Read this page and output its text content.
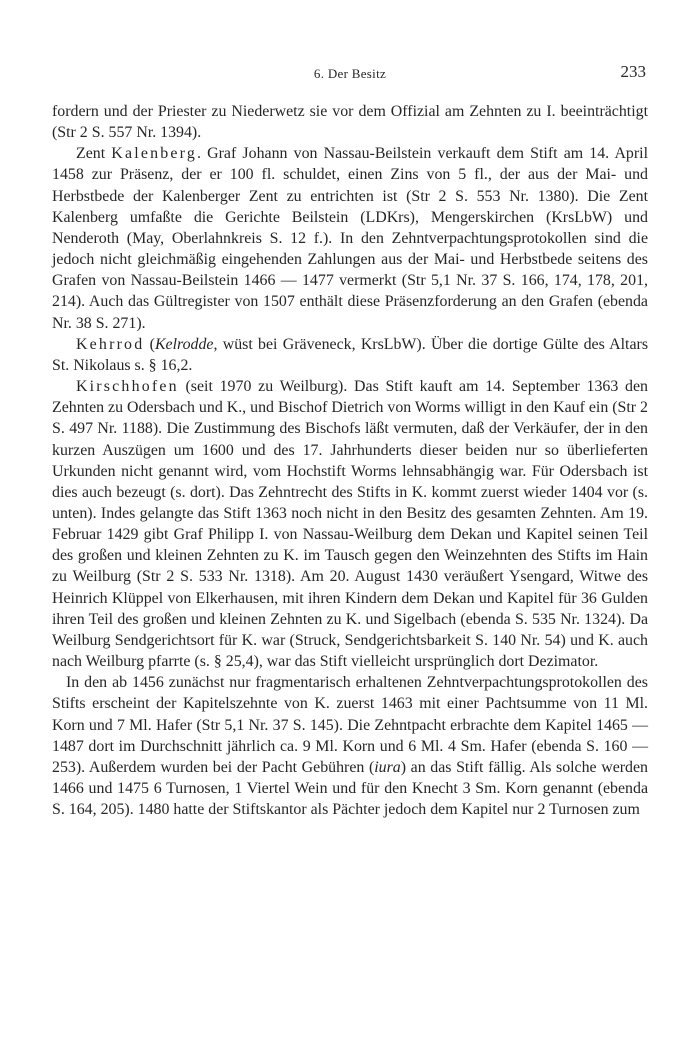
6. Der Besitz	233

fordern und der Priester zu Niederwetz sie vor dem Offizial am Zehnten zu I. beeinträchtigt (Str 2 S. 557 Nr. 1394).

Zent Kalenberg. Graf Johann von Nassau-Beilstein verkauft dem Stift am 14. April 1458 zur Präsenz, der er 100 fl. schuldet, einen Zins von 5 fl., der aus der Mai- und Herbstbede der Kalenberger Zent zu entrichten ist (Str 2 S. 553 Nr. 1380). Die Zent Kalenberg umfaßte die Gerichte Beilstein (LDKrs), Mengerskirchen (KrsLbW) und Nenderoth (May, Oberlahnkreis S. 12 f.). In den Zehntverpachtungsprotokollen sind die jedoch nicht gleichmäßig eingehenden Zahlungen aus der Mai- und Herbstbede seitens des Grafen von Nassau-Beilstein 1466 — 1477 vermerkt (Str 5,1 Nr. 37 S. 166, 174, 178, 201, 214). Auch das Gültregister von 1507 enthält diese Präsenzforderung an den Grafen (ebenda Nr. 38 S. 271).

Kehrrod (Kelrodde, wüst bei Gräveneck, KrsLbW). Über die dortige Gülte des Altars St. Nikolaus s. § 16,2.

Kirschhofen (seit 1970 zu Weilburg). Das Stift kauft am 14. September 1363 den Zehnten zu Odersbach und K., und Bischof Dietrich von Worms willigt in den Kauf ein (Str 2 S. 497 Nr. 1188). Die Zustimmung des Bischofs läßt vermuten, daß der Verkäufer, der in den kurzen Auszügen um 1600 und des 17. Jahrhunderts dieser beiden nur so überlieferten Urkunden nicht genannt wird, vom Hochstift Worms lehnsabhängig war. Für Odersbach ist dies auch bezeugt (s. dort). Das Zehntrecht des Stifts in K. kommt zuerst wieder 1404 vor (s. unten). Indes gelangte das Stift 1363 noch nicht in den Besitz des gesamten Zehnten. Am 19. Februar 1429 gibt Graf Philipp I. von Nassau-Weilburg dem Dekan und Kapitel seinen Teil des großen und kleinen Zehnten zu K. im Tausch gegen den Weinzehnten des Stifts im Hain zu Weilburg (Str 2 S. 533 Nr. 1318). Am 20. August 1430 veräußert Ysengard, Witwe des Heinrich Klüppel von Elkerhausen, mit ihren Kindern dem Dekan und Kapitel für 36 Gulden ihren Teil des großen und kleinen Zehnten zu K. und Sigelbach (ebenda S. 535 Nr. 1324). Da Weilburg Sendgerichtsort für K. war (Struck, Sendgerichtsbarkeit S. 140 Nr. 54) und K. auch nach Weilburg pfarrte (s. § 25,4), war das Stift vielleicht ursprünglich dort Dezimator.

In den ab 1456 zunächst nur fragmentarisch erhaltenen Zehntverpachtungsprotokollen des Stifts erscheint der Kapitelszehnte von K. zuerst 1463 mit einer Pachtsumme von 11 Ml. Korn und 7 Ml. Hafer (Str 5,1 Nr. 37 S. 145). Die Zehntpacht erbrachte dem Kapitel 1465 — 1487 dort im Durchschnitt jährlich ca. 9 Ml. Korn und 6 Ml. 4 Sm. Hafer (ebenda S. 160 — 253). Außerdem wurden bei der Pacht Gebühren (iura) an das Stift fällig. Als solche werden 1466 und 1475 6 Turnosen, 1 Viertel Wein und für den Knecht 3 Sm. Korn genannt (ebenda S. 164, 205). 1480 hatte der Stiftskantor als Pächter jedoch dem Kapitel nur 2 Turnosen zum
